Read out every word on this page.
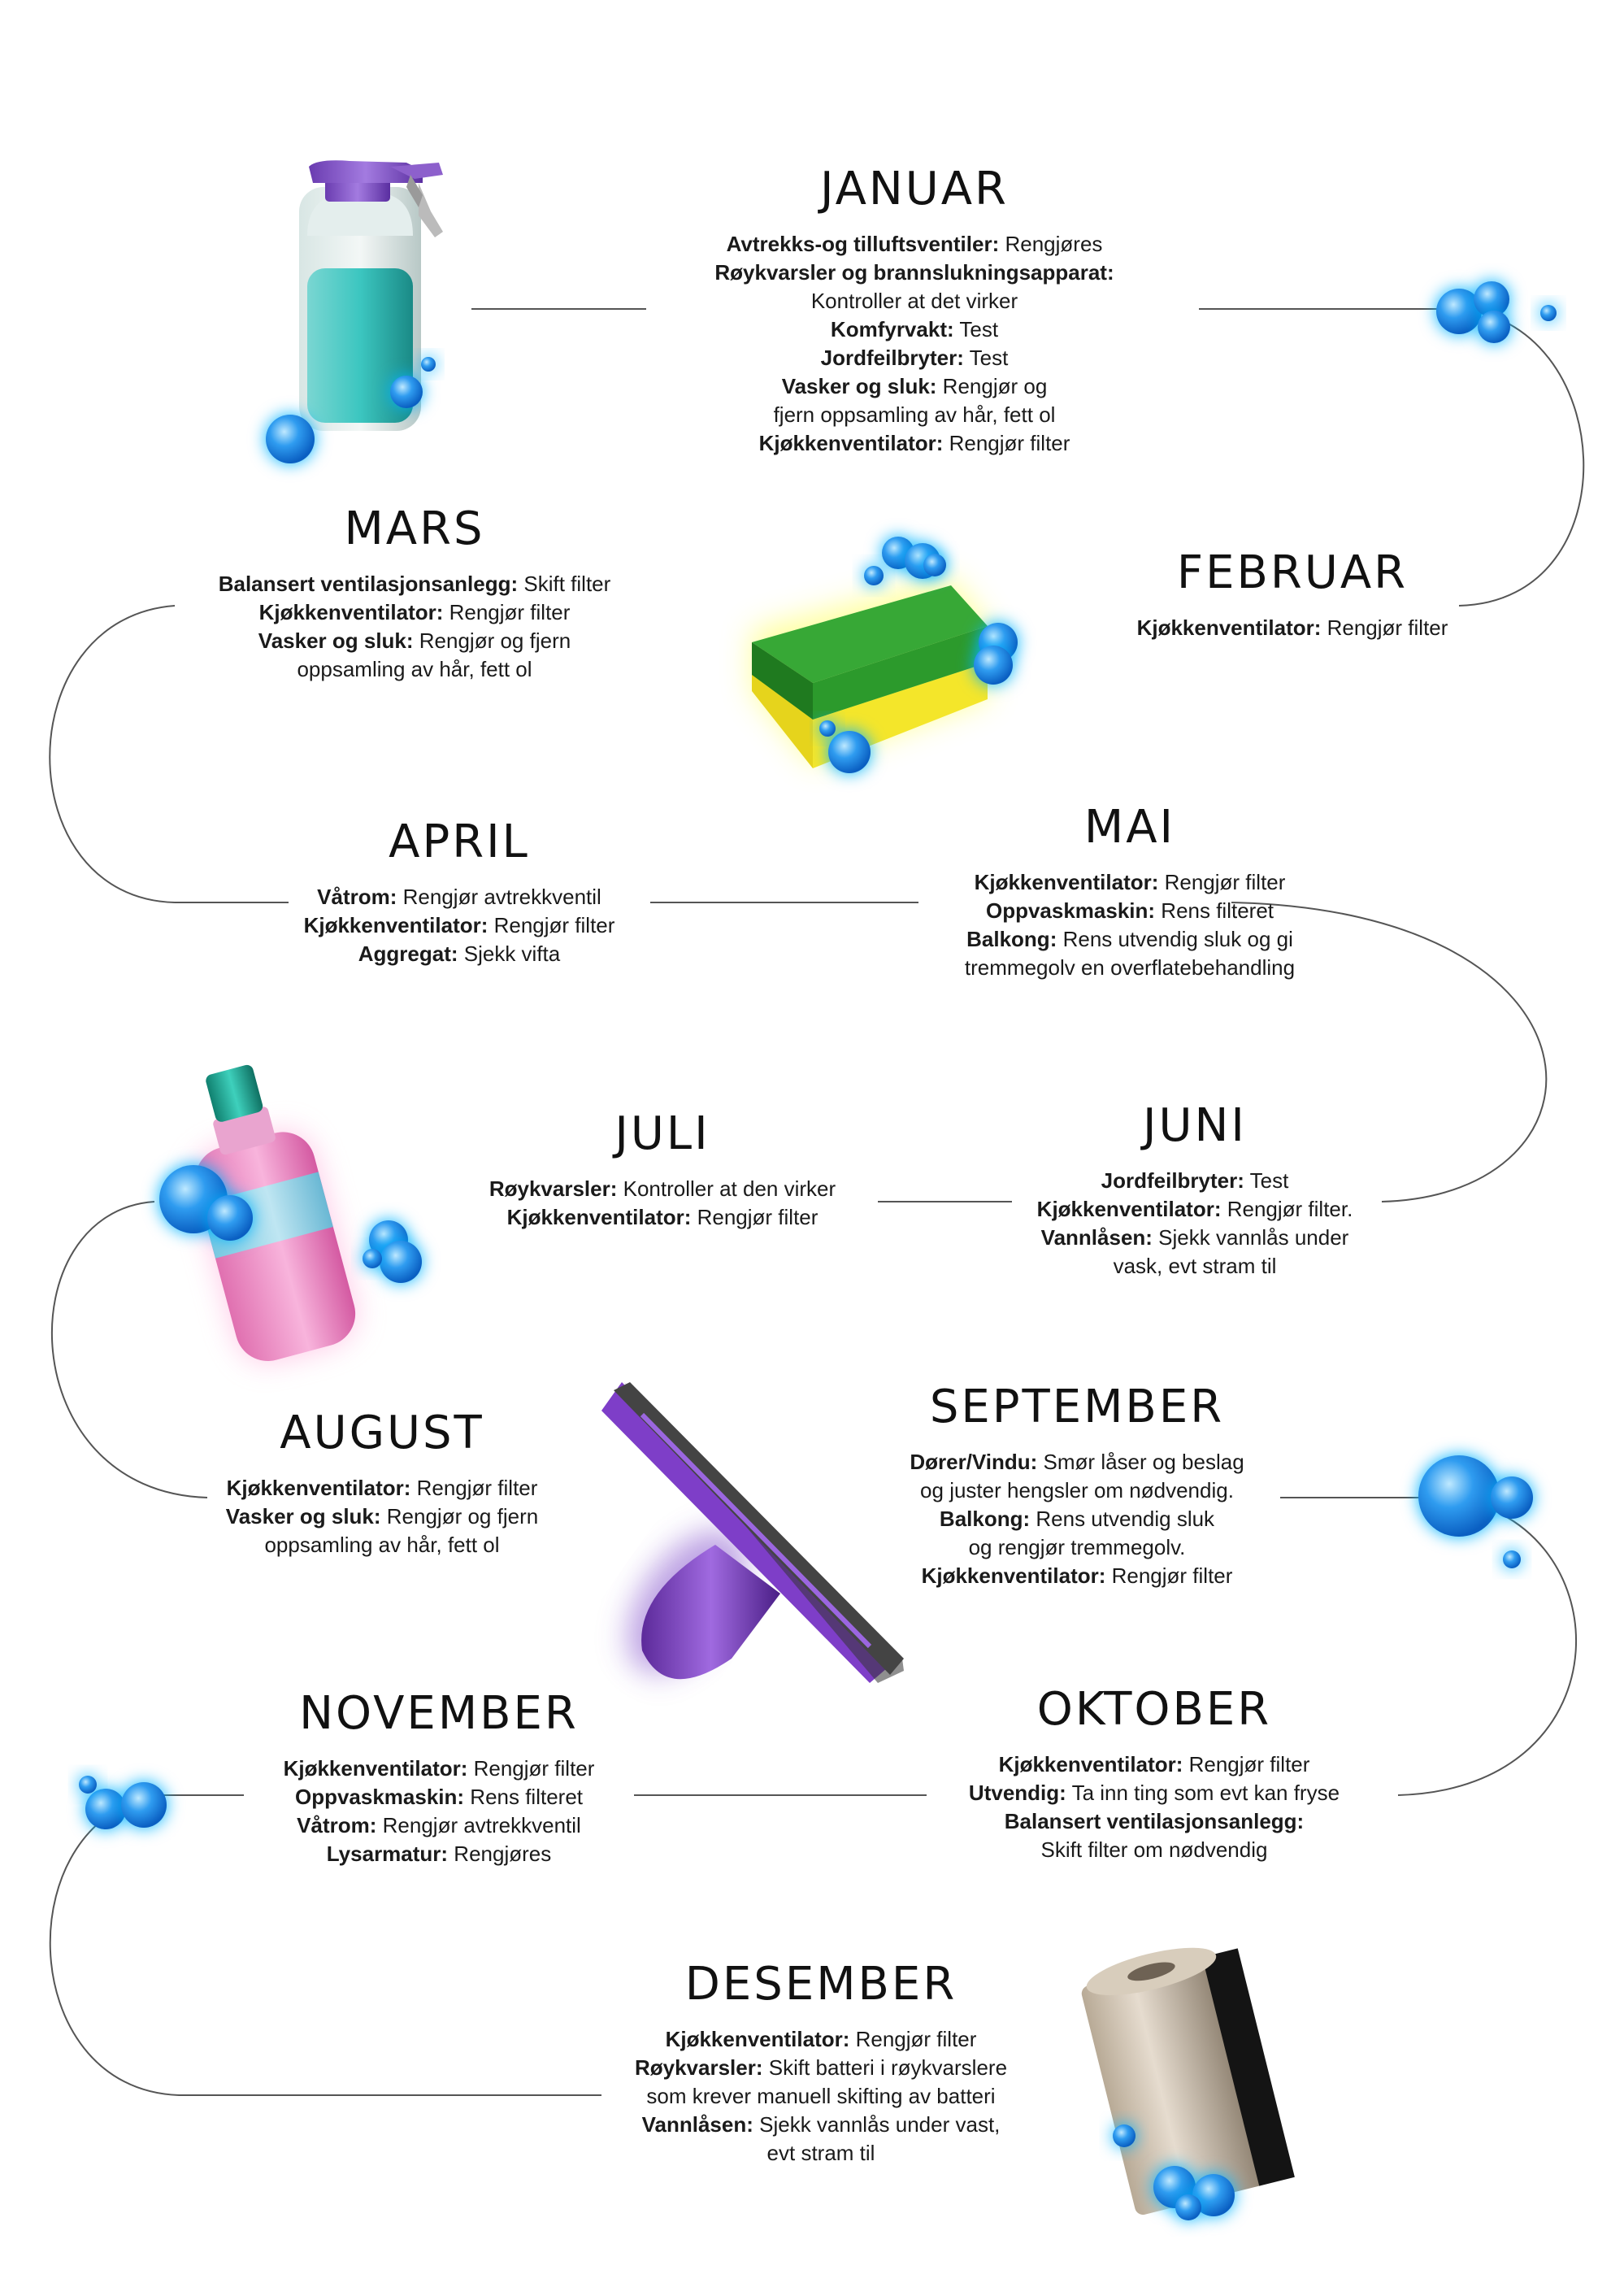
JANUAR
Avtrekks-og tilluftsventiler: Rengjøres
Røykvarsler og brannslukningsapparat:
Kontroller at det virker
Komfyrvakt: Test
Jordfeilbryter: Test
Vasker og sluk: Rengjør og
fjern oppsamling av hår, fett ol
Kjøkkenventilator: Rengjør filter
FEBRUAR
Kjøkkenventilator: Rengjør filter
MARS
Balansert ventilasjonsanlegg: Skift filter
Kjøkkenventilator: Rengjør filter
Vasker og sluk: Rengjør og fjern
oppsamling av hår, fett ol
APRIL
Våtrom: Rengjør avtrekkventil
Kjøkkenventilator: Rengjør filter
Aggregat: Sjekk vifta
MAI
Kjøkkenventilator: Rengjør filter
Oppvaskmaskin: Rens filteret
Balkong: Rens utvendig sluk og gi
tremmegolv en overflatebehandling
JUNI
Jordfeilbryter: Test
Kjøkkenventilator: Rengjør filter.
Vannlåsen: Sjekk vannlås under
vask, evt stram til
JULI
Røykvarsler: Kontroller at den virker
Kjøkkenventilator: Rengjør filter
AUGUST
Kjøkkenventilator: Rengjør filter
Vasker og sluk: Rengjør og fjern
oppsamling av hår, fett ol
SEPTEMBER
Dører/Vindu: Smør låser og beslag
og juster hengsler om nødvendig.
Balkong: Rens utvendig sluk
og rengjør tremmegolv.
Kjøkkenventilator: Rengjør filter
OKTOBER
Kjøkkenventilator: Rengjør filter
Utvendig: Ta inn ting som evt kan fryse
Balansert ventilasjonsanlegg:
Skift filter om nødvendig
NOVEMBER
Kjøkkenventilator: Rengjør filter
Oppvaskmaskin: Rens filteret
Våtrom: Rengjør avtrekkventil
Lysarmatur: Rengjøres
DESEMBER
Kjøkkenventilator: Rengjør filter
Røykvarsler: Skift batteri i røykvarslere
som krever manuell skifting av batteri
Vannlåsen: Sjekk vannlås under vast,
evt stram til
